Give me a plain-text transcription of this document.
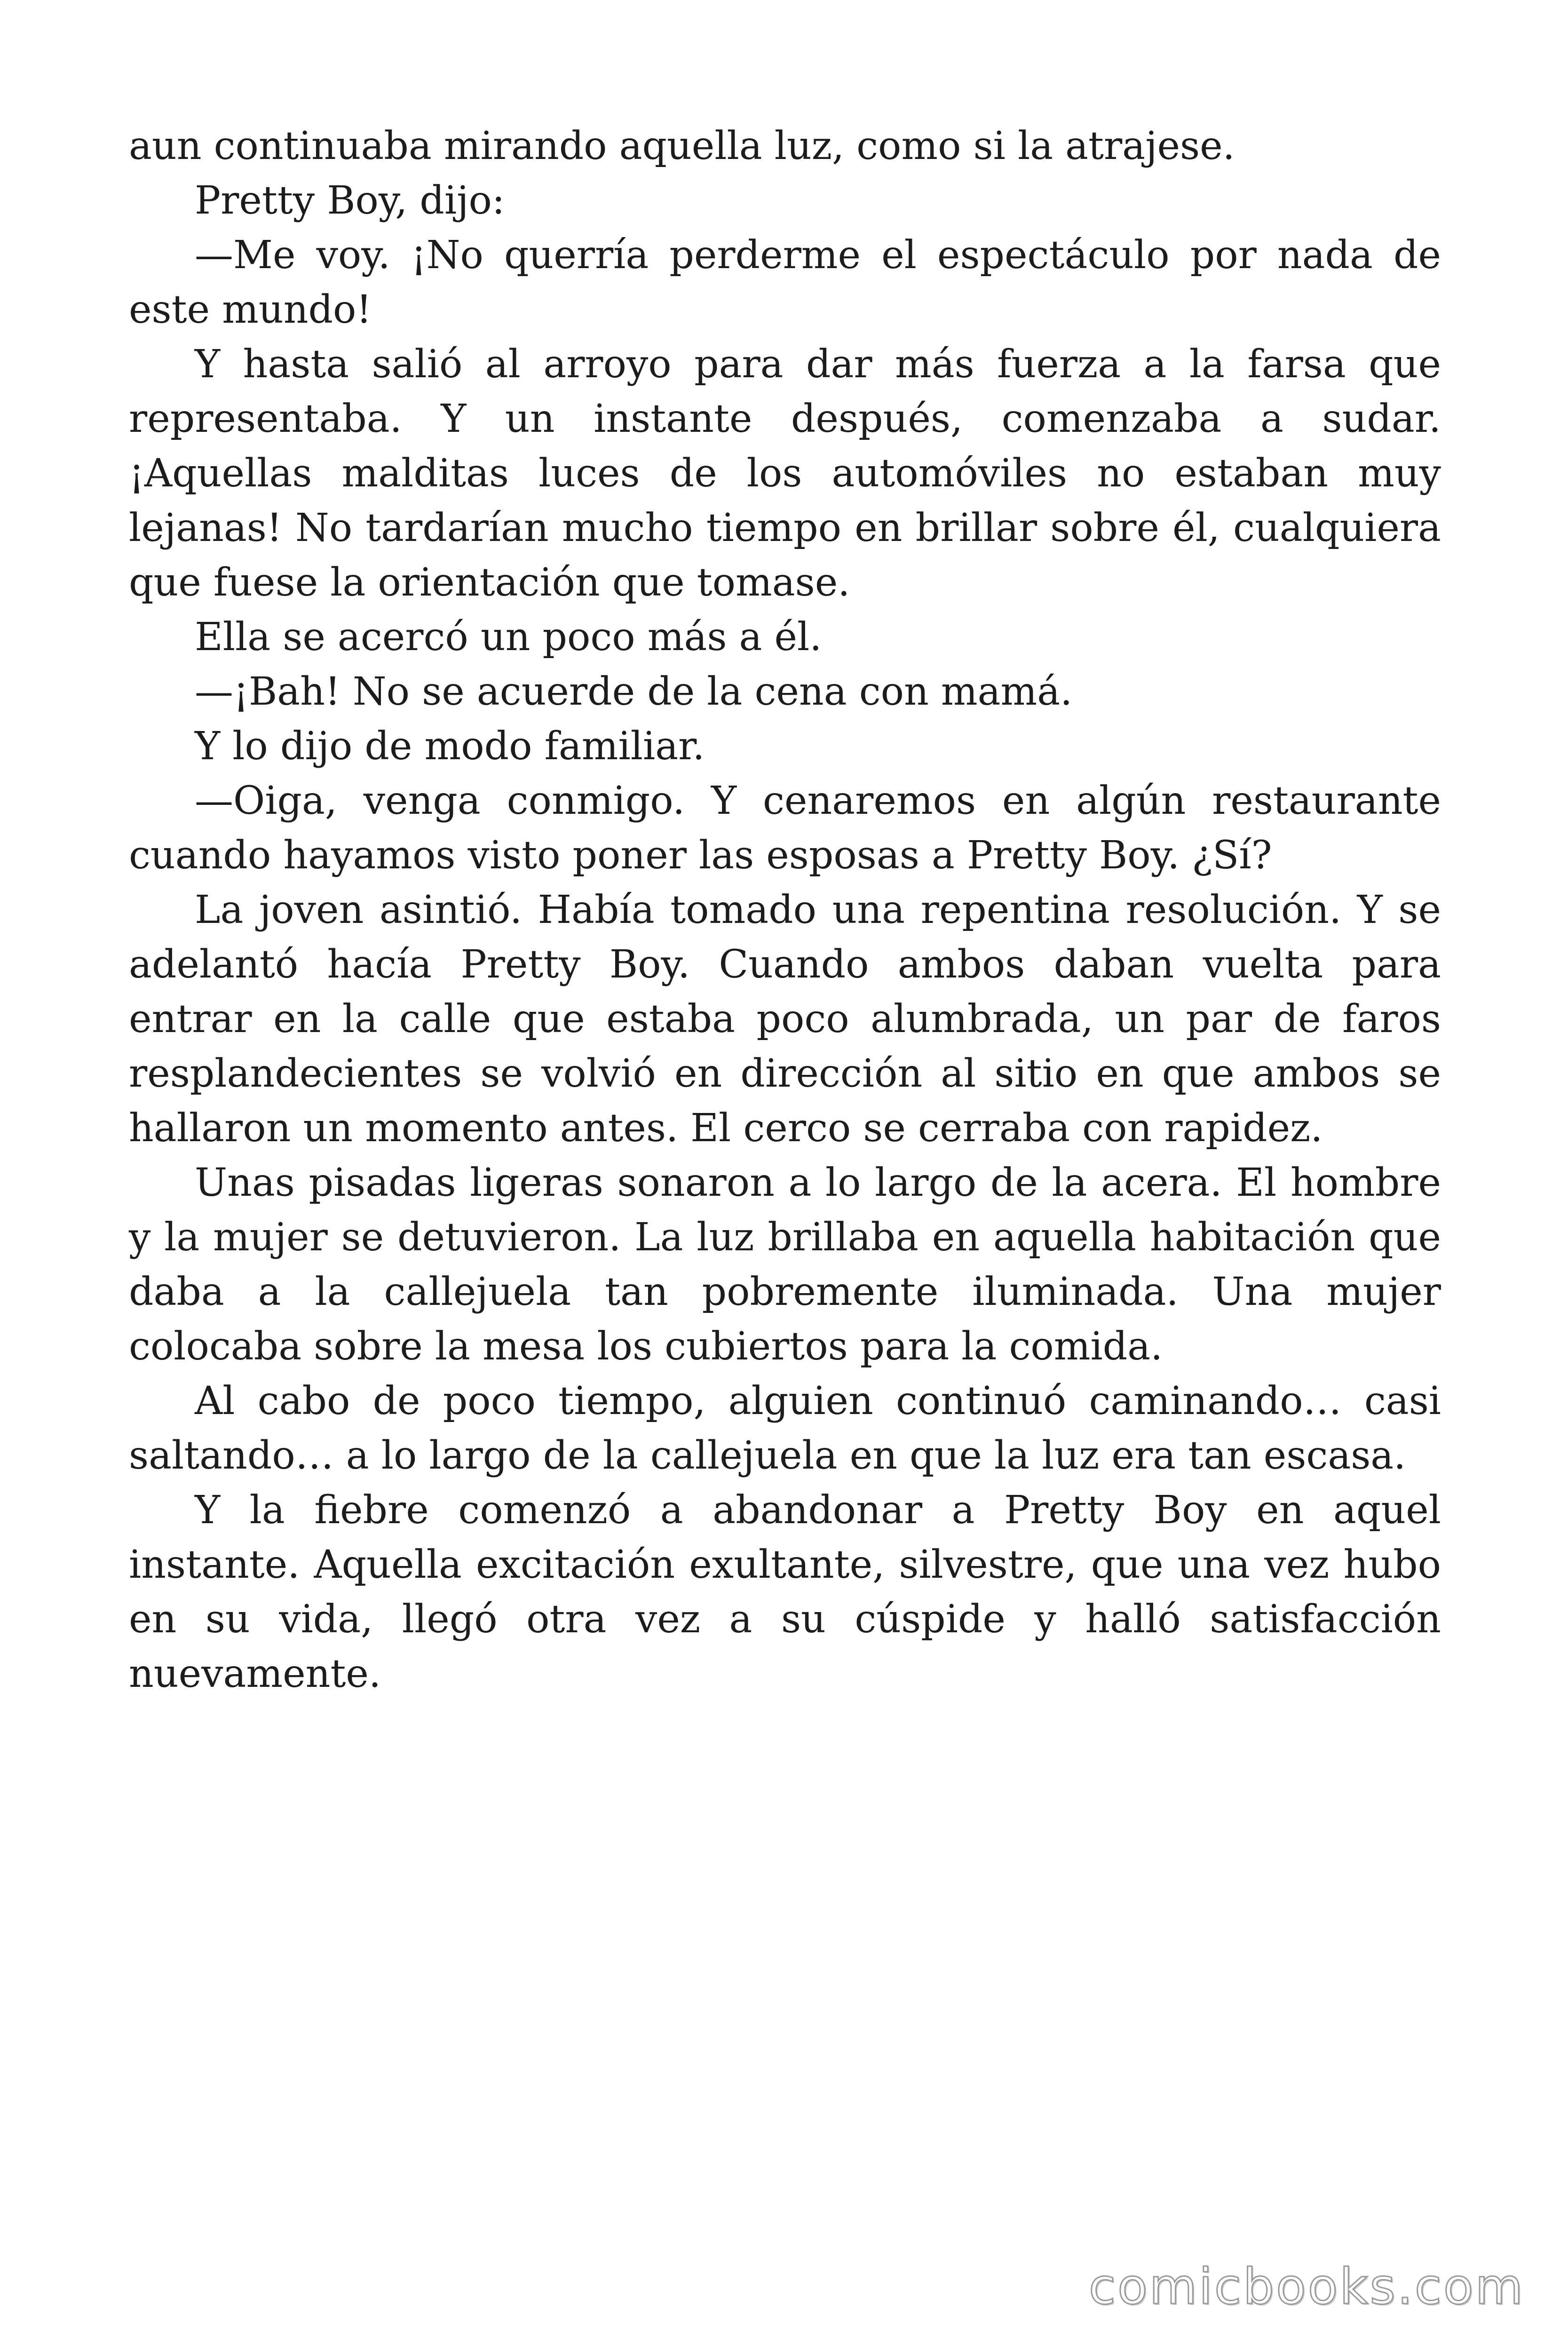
aun continuaba mirando aquella luz, como si la atrajese.

Pretty Boy, dijo:

—Me voy. ¡No querría perderme el espectáculo por nada de este mundo!

Y hasta salió al arroyo para dar más fuerza a la farsa que representaba. Y un instante después, comenzaba a sudar. ¡Aquellas malditas luces de los automóviles no estaban muy lejanas! No tardarían mucho tiempo en brillar sobre él, cualquiera que fuese la orientación que tomase.

Ella se acercó un poco más a él.

—¡Bah! No se acuerde de la cena con mamá.

Y lo dijo de modo familiar.

—Oiga, venga conmigo. Y cenaremos en algún restaurante cuando hayamos visto poner las esposas a Pretty Boy. ¿Sí?

La joven asintió. Había tomado una repentina resolución. Y se adelantó hacía Pretty Boy. Cuando ambos daban vuelta para entrar en la calle que estaba poco alumbrada, un par de faros resplandecientes se volvió en dirección al sitio en que ambos se hallaron un momento antes. El cerco se cerraba con rapidez.

Unas pisadas ligeras sonaron a lo largo de la acera. El hombre y la mujer se detuvieron. La luz brillaba en aquella habitación que daba a la callejuela tan pobremente iluminada. Una mujer colocaba sobre la mesa los cubiertos para la comida.

Al cabo de poco tiempo, alguien continuó caminando… casi saltando… a lo largo de la callejuela en que la luz era tan escasa.

Y la fiebre comenzó a abandonar a Pretty Boy en aquel instante. Aquella excitación exultante, silvestre, que una vez hubo en su vida, llegó otra vez a su cúspide y halló satisfacción nuevamente.

comicbooks.com
